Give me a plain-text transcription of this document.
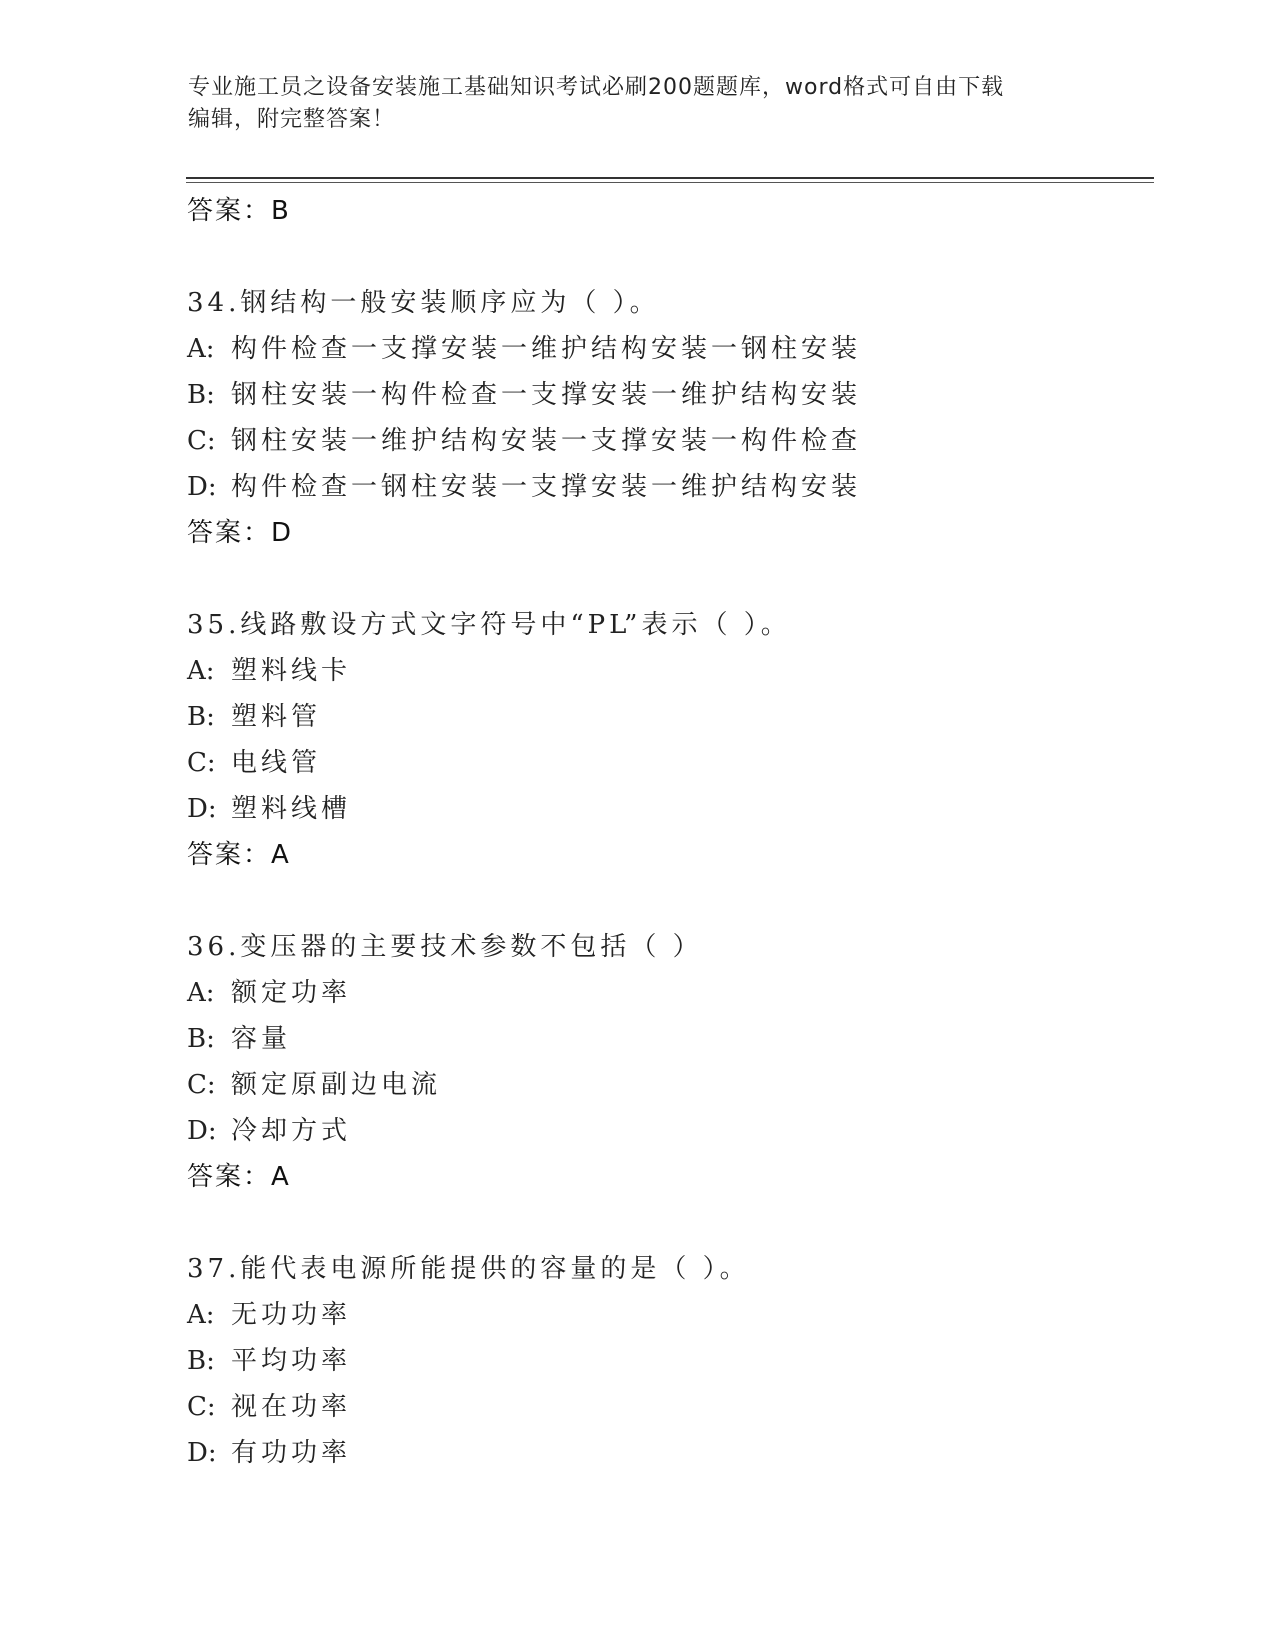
专业施工员之设备安装施工基础知识考试必刷200题题库，word格式可自由下载
编辑，附完整答案！
答案：B
34.钢结构一般安装顺序应为（ ）。
A: 构件检查一支撑安装一维护结构安装一钢柱安装
B: 钢柱安装一构件检查一支撑安装一维护结构安装
C: 钢柱安装一维护结构安装一支撑安装一构件检查
D: 构件检查一钢柱安装一支撑安装一维护结构安装
答案：D
35.线路敷设方式文字符号中“PL”表示（ ）。
A: 塑料线卡
B: 塑料管
C: 电线管
D: 塑料线槽
答案：A
36.变压器的主要技术参数不包括（ ）
A: 额定功率
B: 容量
C: 额定原副边电流
D: 冷却方式
答案：A
37.能代表电源所能提供的容量的是（ ）。
A: 无功功率
B: 平均功率
C: 视在功率
D: 有功功率
